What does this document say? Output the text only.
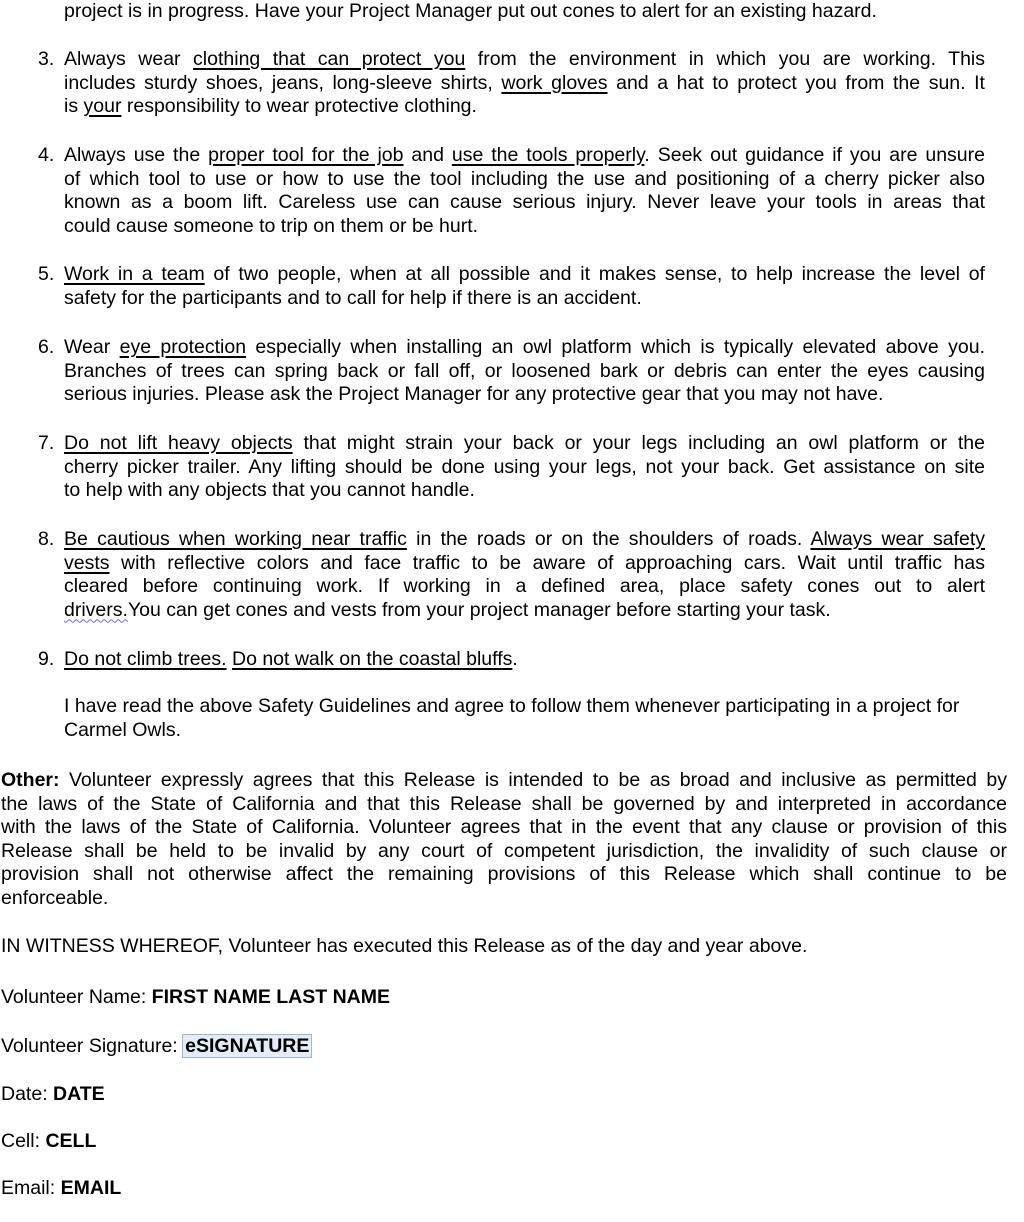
project is in progress. Have your Project Manager put out cones to alert for an existing hazard.
3. Always wear clothing that can protect you from the environment in which you are working. This
includes sturdy shoes, jeans, long-sleeve shirts, work gloves and a hat to protect you from the sun. It
is your responsibility to wear protective clothing.
4. Always use the proper tool for the job and use the tools properly. Seek out guidance if you are unsure
of which tool to use or how to use the tool including the use and positioning of a cherry picker also
known as a boom lift. Careless use can cause serious injury. Never leave your tools in areas that
could cause someone to trip on them or be hurt.
5. Work in a team of two people, when at all possible and it makes sense, to help increase the level of
safety for the participants and to call for help if there is an accident.
6. Wear eye protection especially when installing an owl platform which is typically elevated above you.
Branches of trees can spring back or fall off, or loosened bark or debris can enter the eyes causing
serious injuries. Please ask the Project Manager for any protective gear that you may not have.
7. Do not lift heavy objects that might strain your back or your legs including an owl platform or the
cherry picker trailer. Any lifting should be done using your legs, not your back. Get assistance on site
to help with any objects that you cannot handle.
8. Be cautious when working near traffic in the roads or on the shoulders of roads. Always wear safety
vests with reflective colors and face traffic to be aware of approaching cars. Wait until traffic has
cleared before continuing work. If working in a defined area, place safety cones out to alert
drivers.You can get cones and vests from your project manager before starting your task.
9. Do not climb trees. Do not walk on the coastal bluffs.
I have read the above Safety Guidelines and agree to follow them whenever participating in a project for
Carmel Owls.
Other: Volunteer expressly agrees that this Release is intended to be as broad and inclusive as permitted by
the laws of the State of California and that this Release shall be governed by and interpreted in accordance
with the laws of the State of California. Volunteer agrees that in the event that any clause or provision of this
Release shall be held to be invalid by any court of competent jurisdiction, the invalidity of such clause or
provision shall not otherwise affect the remaining provisions of this Release which shall continue to be
enforceable.
IN WITNESS WHEREOF, Volunteer has executed this Release as of the day and year above.
Volunteer Name: FIRST NAME LAST NAME
Volunteer Signature: eSIGNATURE
Date: DATE
Cell: CELL
Email: EMAIL
